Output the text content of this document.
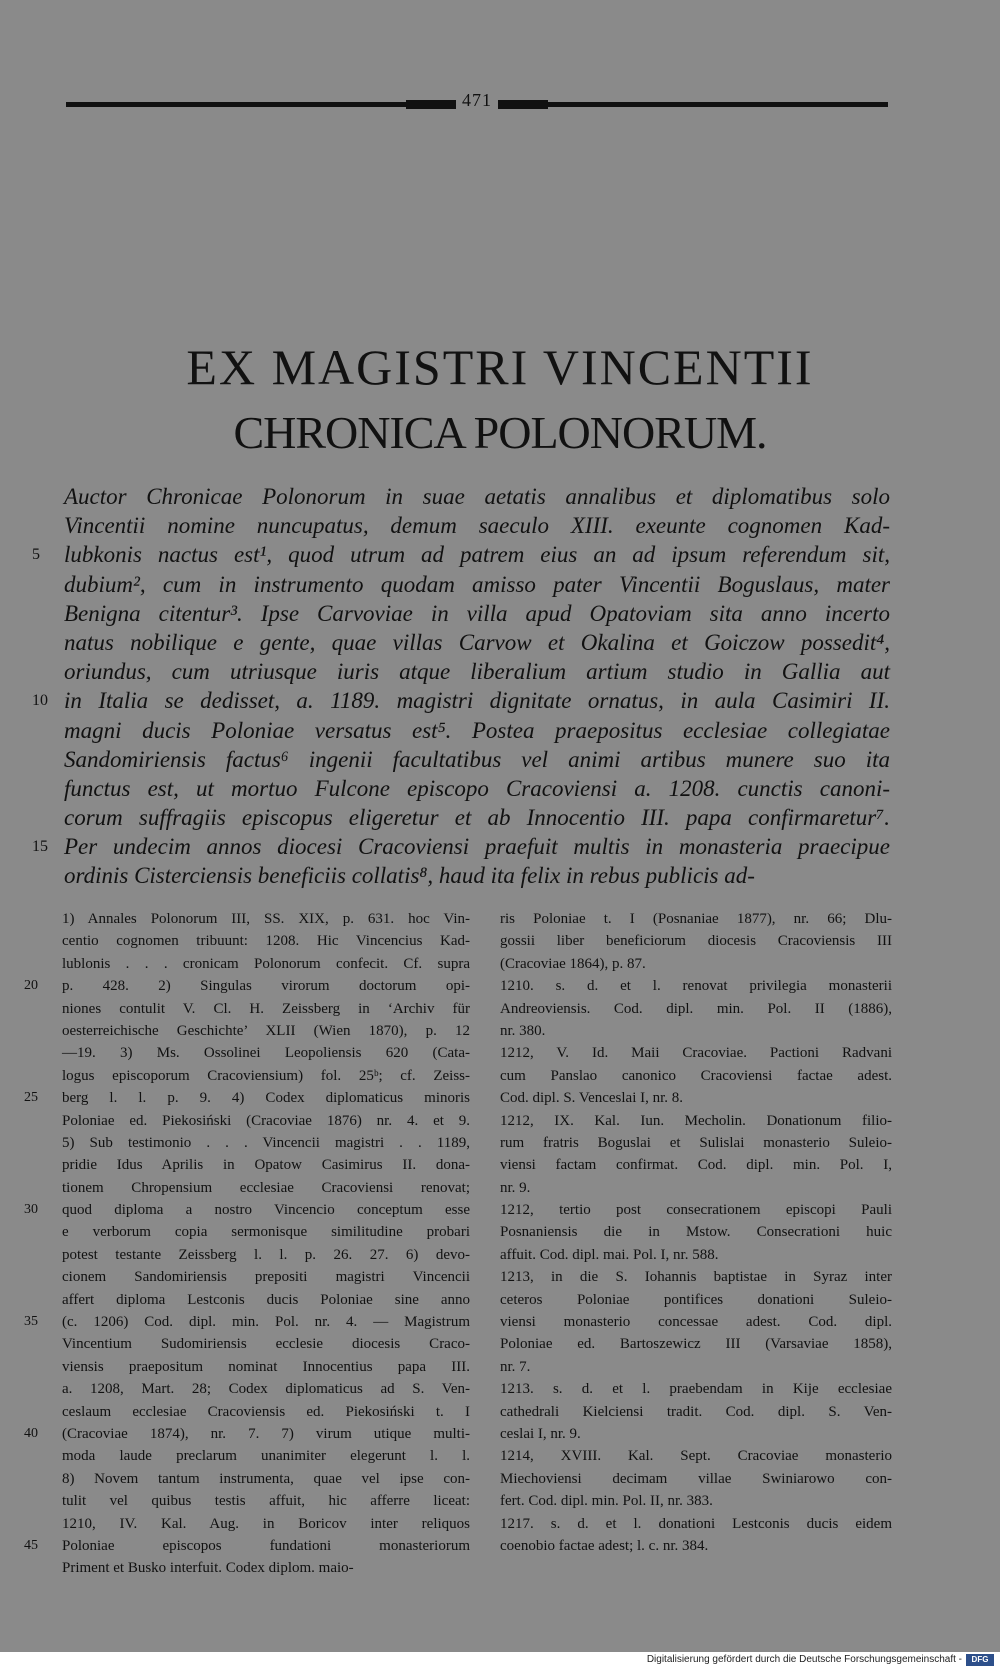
471
EX MAGISTRI VINCENTII
CHRONICA POLONORUM.
Auctor Chronicae Polonorum in suae aetatis annalibus et diplomatibus solo
Vincentii nomine nuncupatus, demum saeculo XIII. exeunte cognomen Kad-
5	lubkonis nactus est¹, quod utrum ad patrem eius an ad ipsum referendum sit,
dubium², cum in instrumento quodam amisso pater Vincentii Boguslaus, mater
Benigna citentur³. Ipse Carvoviae in villa apud Opatoviam sita anno incerto
natus nobilique e gente, quae villas Carvow et Okalina et Goiczow possedit⁴,
oriundus, cum utriusque iuris atque liberalium artium studio in Gallia aut
10 in Italia se dedisset, a. 1189. magistri dignitate ornatus, in aula Casimiri II.
magni ducis Poloniae versatus est⁵. Postea praepositus ecclesiae collegiatae
Sandomiriensis factus⁶ ingenii facultatibus vel animi artibus munere suo ita
functus est, ut mortuo Fulcone episcopo Cracoviensi a. 1208. cunctis canoni-
corum suffragiis episcopus eligeretur et ab Innocentio III. papa confirmaretur⁷.
15 Per undecim annos diocesi Cracoviensi praefuit multis in monasteria praecipue
ordinis Cisterciensis beneficiis collatis⁸, haud ita felix in rebus publicis ad-
1) Annales Polonorum III, SS. XIX, p. 631. hoc Vin-
centio cognomen tribuunt: 1208. Hic Vincencius Kad-
lublonis . . . cronicam Polonorum confecit. Cf. supra
20	p. 428. 2) Singulas virorum doctorum opi-
niones contulit V. Cl. H. Zeissberg in ‘Archiv für
oesterreichische Geschichte’ XLII (Wien 1870), p. 12
—19. 3) Ms. Ossolinei Leopoliensis 620 (Cata-
logus episcoporum Cracoviensium) fol. 25ᵇ; cf. Zeiss-
25	berg l. l. p. 9. 4) Codex diplomaticus minoris
Poloniae ed. Piekosiński (Cracoviae 1876) nr. 4. et 9.
5) Sub testimonio . . . Vincencii magistri . . 1189,
pridie Idus Aprilis in Opatow Casimirus II. dona-
tionem Chropensium ecclesiae Cracoviensi renovat;
30	quod diploma a nostro Vincencio conceptum esse
e verborum copia sermonisque similitudine probari
potest testante Zeissberg l. l. p. 26. 27. 6) devo-
cionem Sandomiriensis prepositi magistri Vincencii
affert diploma Lestconis ducis Poloniae sine anno
35	(c. 1206) Cod. dipl. min. Pol. nr. 4. — Magistrum
Vincentium Sudomiriensis ecclesie diocesis Craco-
viensis praepositum nominat Innocentius papa III.
a. 1208, Mart. 28; Codex diplomaticus ad S. Ven-
ceslaum ecclesiae Cracoviensis ed. Piekosiński t. I
40	(Cracoviae 1874), nr. 7. 7) virum utique multi-
moda laude preclarum unanimiter elegerunt l. l.
8) Novem tantum instrumenta, quae vel ipse con-
tulit vel quibus testis affuit, hic afferre liceat:
1210, IV. Kal. Aug. in Boricov inter reliquos
45	Poloniae episcopos fundationi monasteriorum
Priment et Busko interfuit. Codex diplom. maio-
ris Poloniae t. I (Posnaniae 1877), nr. 66; Dlu-
gossii liber beneficiorum diocesis Cracoviensis III
(Cracoviae 1864), p. 87.
1210. s. d. et l. renovat privilegia monasterii
Andreoviensis. Cod. dipl. min. Pol. II (1886),
nr. 380.
1212, V. Id. Maii Cracoviae. Pactioni Radvani
cum Panslao canonico Cracoviensi factae adest.
Cod. dipl. S. Venceslai I, nr. 8.
1212, IX. Kal. Iun. Mecholin. Donationum filio-
rum fratris Boguslai et Sulislai monasterio Suleio-
viensi factam confirmat. Cod. dipl. min. Pol. I,
nr. 9.
1212, tertio post consecrationem episcopi Pauli
Posnaniensis die in Mstow. Consecrationi huic
affuit. Cod. dipl. mai. Pol. I, nr. 588.
1213, in die S. Iohannis baptistae in Syraz inter
ceteros Poloniae pontifices donationi Suleio-
viensi monasterio concessae adest. Cod. dipl.
Poloniae ed. Bartoszewicz III (Varsaviae 1858),
nr. 7.
1213. s. d. et l. praebendam in Kije ecclesiae
cathedrali Kielciensi tradit. Cod. dipl. S. Ven-
ceslai I, nr. 9.
1214, XVIII. Kal. Sept. Cracoviae monasterio
Miechoviensi decimam villae Swiniarowo con-
fert. Cod. dipl. min. Pol. II, nr. 383.
1217. s. d. et l. donationi Lestconis ducis eidem
coenobio factae adest; l. c. nr. 384.
Digitalisierung gefördert durch die Deutsche Forschungsgemeinschaft -	DFG
